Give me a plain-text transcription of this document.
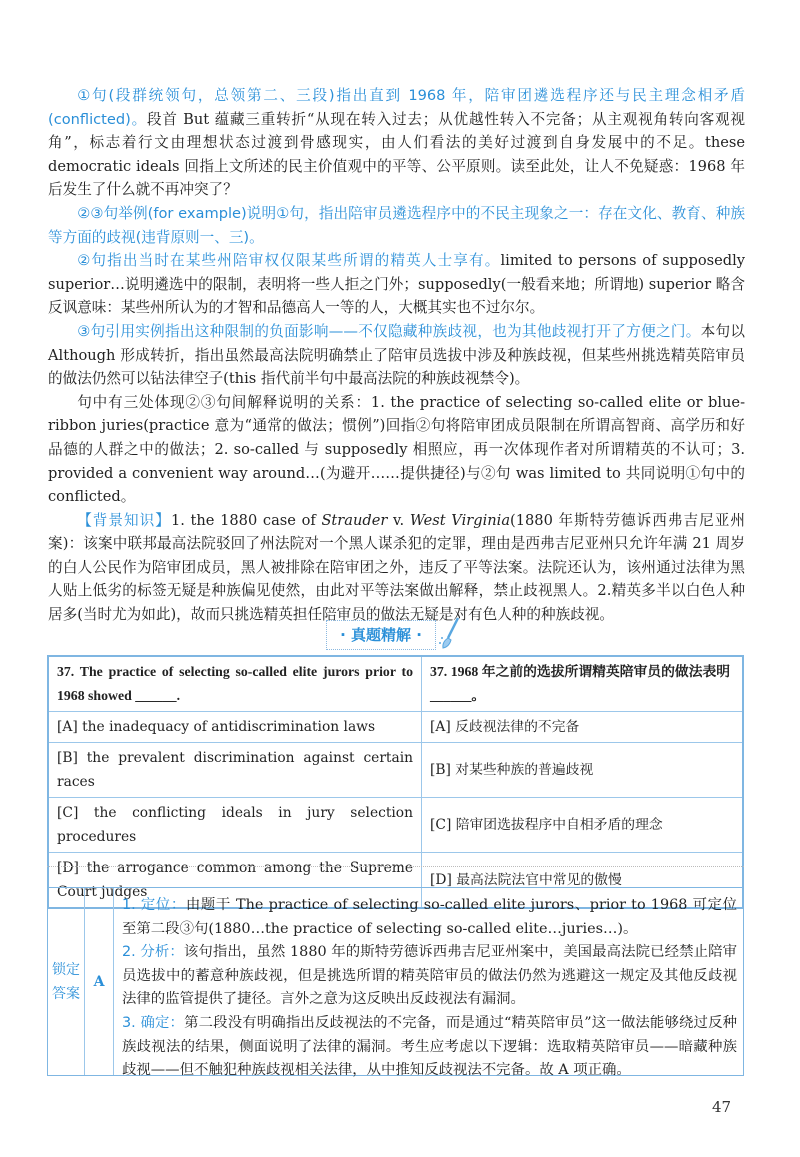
①句(段群统领句，总领第二、三段)指出直到 1968 年，陪审团遴选程序还与民主理念相矛盾(conflicted)。段首 But 蕴藏三重转折“从现在转入过去；从优越性转入不完备；从主观视角转向客观视角”，标志着行文由理想状态过渡到骨感现实，由人们看法的美好过渡到自身发展中的不足。these democratic ideals 回指上文所述的民主价值观中的平等、公平原则。读至此处，让人不免疑惑：1968 年后发生了什么就不再冲突了？

②③句举例(for example)说明①句，指出陪审员遴选程序中的不民主现象之一：存在文化、教育、种族等方面的歧视(违背原则一、三)。

②句指出当时在某些州陪审权仅限某些所谓的精英人士享有。limited to persons of supposedly superior…说明遴选中的限制，表明将一些人拒之门外；supposedly(一般看来地；所谓地) superior 略含反讽意味：某些州所认为的才智和品德高人一等的人，大概其实也不过尔尔。

③句引用实例指出这种限制的负面影响——不仅隐藏种族歧视，也为其他歧视打开了方便之门。本句以 Although 形成转折，指出虽然最高法院明确禁止了陪审员选拔中涉及种族歧视，但某些州挑选精英陪审员的做法仍然可以钻法律空子(this 指代前半句中最高法院的种族歧视禁令)。

句中有三处体现②③句间解释说明的关系：1. the practice of selecting so-called elite or blue-ribbon juries(practice 意为“通常的做法；惯例”)回指②句将陪审团成员限制在所谓高智商、高学历和好品德的人群之中的做法；2. so-called 与 supposedly 相照应，再一次体现作者对所谓精英的不认可；3. provided a convenient way around…(为避开……提供捷径)与②句 was limited to 共同说明①句中的 conflicted。

【背景知识】1. the 1880 case of Strauder v. West Virginia(1880 年斯特劳德诉西弗吉尼亚州案)：该案中联邦最高法院驳回了州法院对一个黑人谋杀犯的定罪，理由是西弗吉尼亚州只允许年满 21 周岁的白人公民作为陪审团成员，黑人被排除在陪审团之外，违反了平等法案。法院还认为，该州通过法律为黑人贴上低劣的标签无疑是种族偏见使然，由此对平等法案做出解释，禁止歧视黑人。2.精英多半以白色人种居多(当时尤为如此)，故而只挑选精英担任陪审员的做法无疑是对有色人种的种族歧视。

· 真题精解 ·
37. The practice of selecting so-called elite jurors prior to 1968 showed ______.	37. 1968 年之前的选拔所谓精英陪审员的做法表明______。
[A] the inadequacy of antidiscrimination laws	[A] 反歧视法律的不完备
[B] the prevalent discrimination against certain races	[B] 对某些种族的普遍歧视
[C] the conflicting ideals in jury selection procedures	[C] 陪审团选拔程序中自相矛盾的理念
[D] the arrogance common among the Supreme Court judges	[D] 最高法院法官中常见的傲慢
锁定答案
A

1. 定位：由题干 The practice of selecting so-called elite jurors、prior to 1968 可定位至第二段③句(1880…the practice of selecting so-called elite…juries…)。

2. 分析：该句指出，虽然 1880 年的斯特劳德诉西弗吉尼亚州案中，美国最高法院已经禁止陪审员选拔中的蓄意种族歧视，但是挑选所谓的精英陪审员的做法仍然为逃避这一规定及其他反歧视法律的监管提供了捷径。言外之意为这反映出反歧视法有漏洞。

3. 确定：第二段没有明确指出反歧视法的不完备，而是通过“精英陪审员”这一做法能够绕过反种族歧视法的结果，侧面说明了法律的漏洞。考生应考虑以下逻辑：选取精英陪审员——暗藏种族歧视——但不触犯种族歧视相关法律，从中推知反歧视法不完备。故 A 项正确。

47
